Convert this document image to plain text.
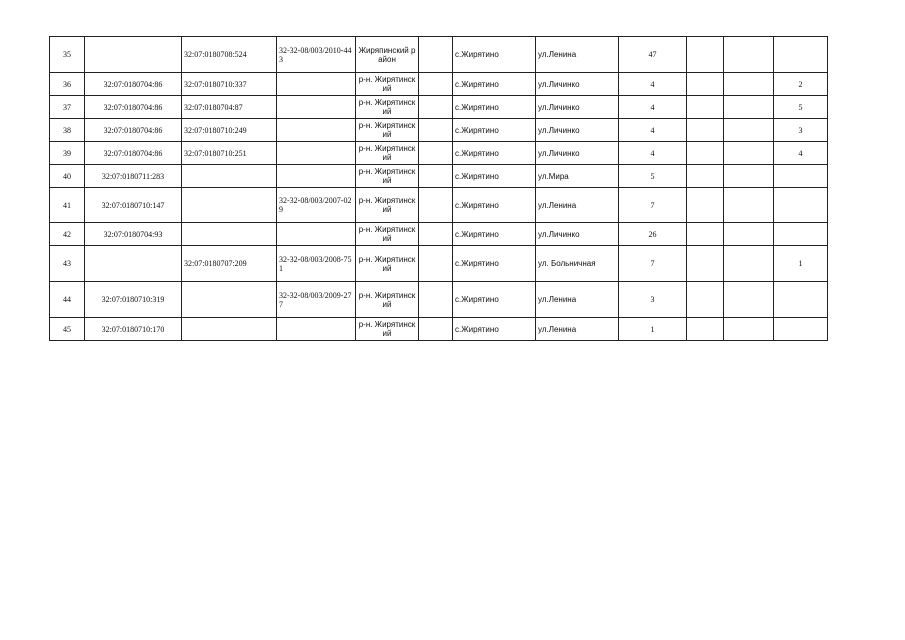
35		32:07:0180708:524	32-32-08/003/2010-443	Жиряпинский район		с.Жирятино	ул.Ленина	47			
36	32:07:0180704:86	32:07:0180710:337		р-н. Жирятинский		с.Жирятино	ул.Личинко	4			2
37	32:07:0180704:86	32:07:0180704:87		р-н. Жирятинский		с.Жирятино	ул.Личинко	4			5
38	32:07:0180704:86	32:07:0180710:249		р-н. Жирятинский		с.Жирятино	ул.Личинко	4			3
39	32:07:0180704:86	32:07:0180710:251		р-н. Жирятинский		с.Жирятино	ул.Личинко	4			4
40	32:07:0180711:283			р-н. Жирятинский		с.Жирятино	ул.Мира	5			
41	32:07:0180710:147		32-32-08/003/2007-029	р-н. Жирятинский		с.Жирятино	ул.Ленина	7			
42	32:07:0180704:93			р-н. Жирятинский		с.Жирятино	ул.Личинко	26			
43		32:07:0180707:209	32-32-08/003/2008-751	р-н. Жирятинский		с.Жирятино	ул. Больничная	7			1
44	32:07:0180710:319		32-32-08/003/2009-277	р-н. Жирятинский		с.Жирятино	ул.Ленина	3			
45	32:07:0180710:170			р-н. Жирятинский		с.Жирятино	ул.Ленина	1			
